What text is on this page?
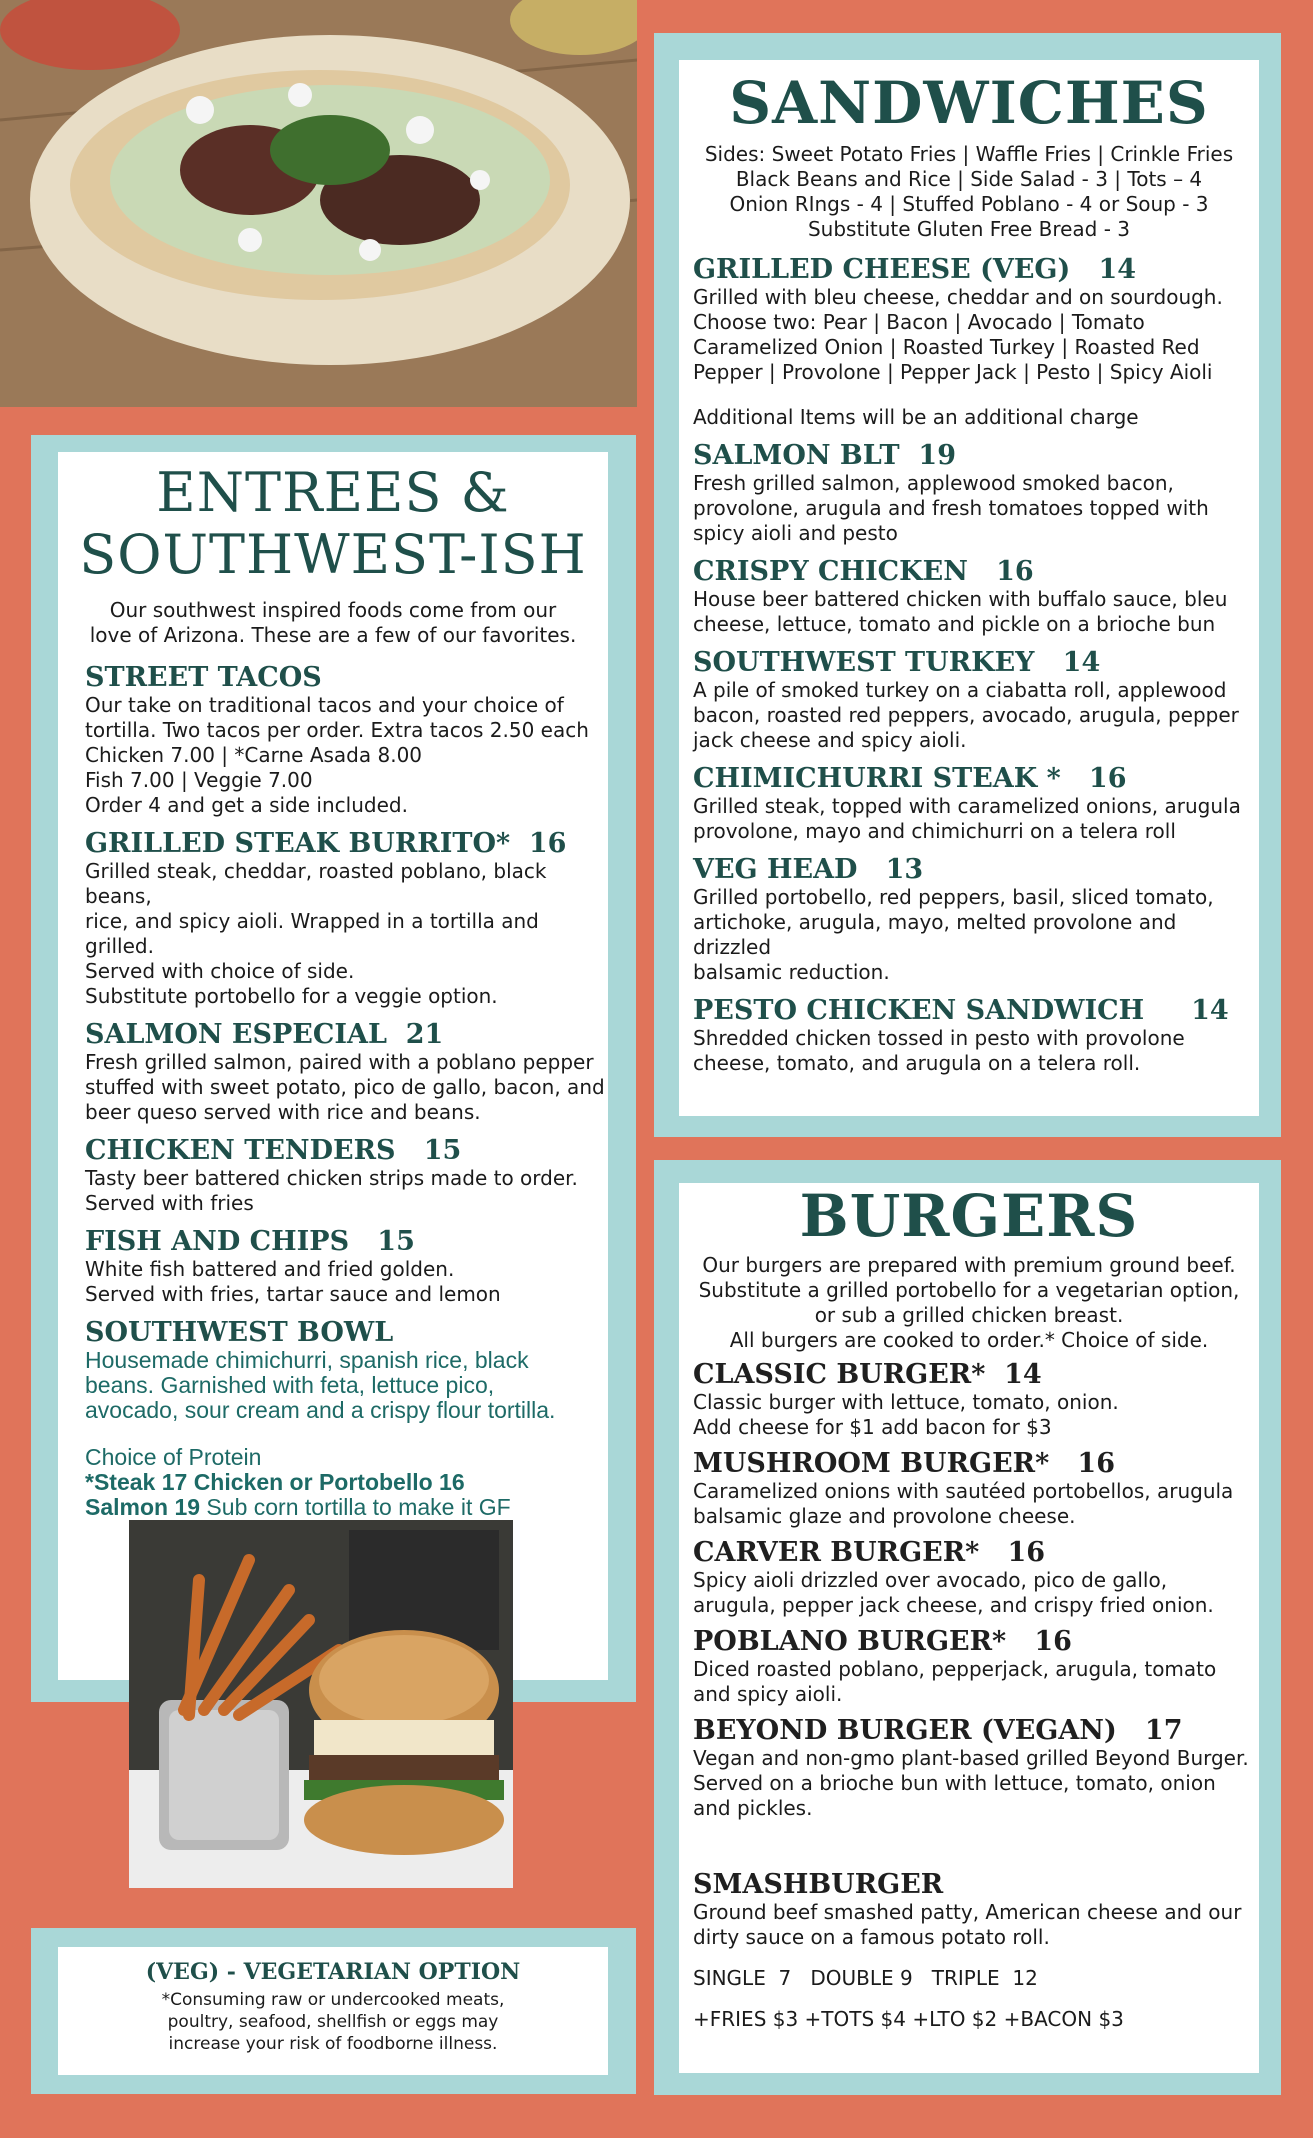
ENTREES &
SOUTHWEST-ISH

Our southwest inspired foods come from our
love of Arizona. These are a few of our favorites.

STREET TACOS

Our take on traditional tacos and your choice of
tortilla. Two tacos per order. Extra tacos 2.50 each
Chicken 7.00 | *Carne Asada 8.00
Fish 7.00 | Veggie 7.00
Order 4 and get a side included.

GRILLED STEAK BURRITO*  16

Grilled steak, cheddar, roasted poblano, black beans,
rice, and spicy aioli. Wrapped in a tortilla and grilled.
Served with choice of side.
Substitute portobello for a veggie option.

SALMON ESPECIAL  21

Fresh grilled salmon, paired with a poblano pepper
stuffed with sweet potato, pico de gallo, bacon, and
beer queso served with rice and beans.

CHICKEN TENDERS   15

Tasty beer battered chicken strips made to order.
Served with fries

FISH AND CHIPS   15

White fish battered and fried golden.
Served with fries, tartar sauce and lemon

SOUTHWEST BOWL

Housemade chimichurri, spanish rice, black
beans. Garnished with feta, lettuce pico,
avocado, sour cream and a crispy flour tortilla.

Choice of Protein

*Steak 17 Chicken or Portobello 16

Salmon 19 Sub corn tortilla to make it GF

(VEG) - VEGETARIAN OPTION

*Consuming raw or undercooked meats,
poultry, seafood, shellfish or eggs may
increase your risk of foodborne illness.

SANDWICHES

Sides: Sweet Potato Fries | Waffle Fries | Crinkle Fries
Black Beans and Rice | Side Salad - 3 | Tots – 4
Onion RIngs - 4 | Stuffed Poblano - 4 or Soup - 3
Substitute Gluten Free Bread - 3

GRILLED CHEESE (VEG)   14

Grilled with bleu cheese, cheddar and on sourdough.
Choose two: Pear | Bacon | Avocado | Tomato
Caramelized Onion | Roasted Turkey | Roasted Red
Pepper | Provolone | Pepper Jack | Pesto | Spicy Aioli

Additional Items will be an additional charge

SALMON BLT  19

Fresh grilled salmon, applewood smoked bacon,
provolone, arugula and fresh tomatoes topped with
spicy aioli and pesto

CRISPY CHICKEN   16

House beer battered chicken with buffalo sauce, bleu
cheese, lettuce, tomato and pickle on a brioche bun

SOUTHWEST TURKEY   14

A pile of smoked turkey on a ciabatta roll, applewood
bacon, roasted red peppers, avocado, arugula, pepper
jack cheese and spicy aioli.

CHIMICHURRI STEAK *   16

Grilled steak, topped with caramelized onions, arugula
provolone, mayo and chimichurri on a telera roll

VEG HEAD   13

Grilled portobello, red peppers, basil, sliced tomato,
artichoke, arugula, mayo, melted provolone and drizzled
balsamic reduction.

PESTO CHICKEN SANDWICH     14

Shredded chicken tossed in pesto with provolone
cheese, tomato, and arugula on a telera roll.

BURGERS

Our burgers are prepared with premium ground beef.
Substitute a grilled portobello for a vegetarian option,
or sub a grilled chicken breast.
All burgers are cooked to order.* Choice of side.

CLASSIC BURGER*  14

Classic burger with lettuce, tomato, onion.
Add cheese for $1 add bacon for $3

MUSHROOM BURGER*   16

Caramelized onions with sautéed portobellos, arugula
balsamic glaze and provolone cheese.

CARVER BURGER*   16

Spicy aioli drizzled over avocado, pico de gallo,
arugula, pepper jack cheese, and crispy fried onion.

POBLANO BURGER*   16

Diced roasted poblano, pepperjack, arugula, tomato
and spicy aioli.

BEYOND BURGER (VEGAN)   17

Vegan and non-gmo plant-based grilled Beyond Burger.
Served on a brioche bun with lettuce, tomato, onion
and pickles.

SMASHBURGER

Ground beef smashed patty, American cheese and our
dirty sauce on a famous potato roll.

SINGLE  7   DOUBLE 9   TRIPLE  12

+FRIES $3 +TOTS $4 +LTO $2 +BACON $3
